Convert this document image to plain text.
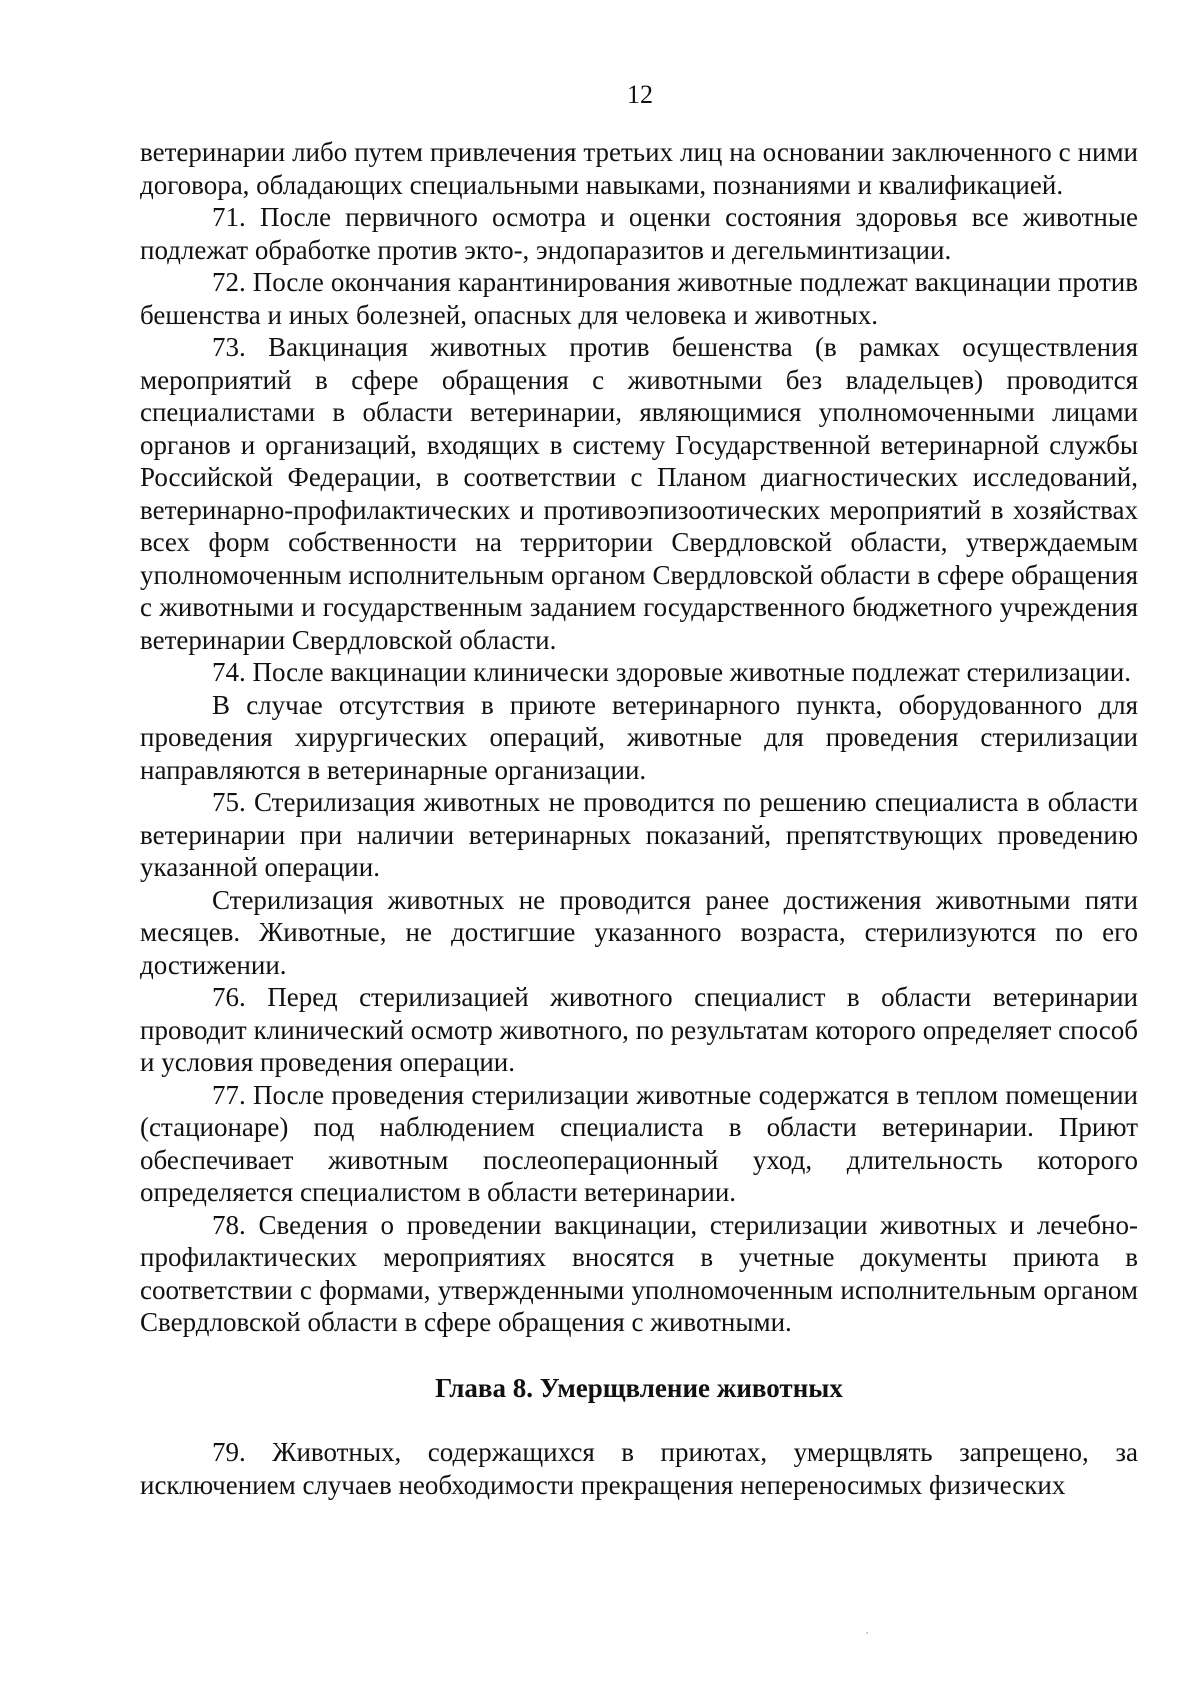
12

ветеринарии либо путем привлечения третьих лиц на основании заключенного с ними договора, обладающих специальными навыками, познаниями и квалификацией.

71. После первичного осмотра и оценки состояния здоровья все животные подлежат обработке против экто-, эндопаразитов и дегельминтизации.

72. После окончания карантинирования животные подлежат вакцинации против бешенства и иных болезней, опасных для человека и животных.

73. Вакцинация животных против бешенства (в рамках осуществления мероприятий в сфере обращения с животными без владельцев) проводится специалистами в области ветеринарии, являющимися уполномоченными лицами органов и организаций, входящих в систему Государственной ветеринарной службы Российской Федерации, в соответствии с Планом диагностических исследований, ветеринарно-профилактических и противоэпизоотических мероприятий в хозяйствах всех форм собственности на территории Свердловской области, утверждаемым уполномоченным исполнительным органом Свердловской области в сфере обращения с животными и государственным заданием государственного бюджетного учреждения ветеринарии Свердловской области.

74. После вакцинации клинически здоровые животные подлежат стерилизации.

В случае отсутствия в приюте ветеринарного пункта, оборудованного для проведения хирургических операций, животные для проведения стерилизации направляются в ветеринарные организации.

75. Стерилизация животных не проводится по решению специалиста в области ветеринарии при наличии ветеринарных показаний, препятствующих проведению указанной операции.

Стерилизация животных не проводится ранее достижения животными пяти месяцев. Животные, не достигшие указанного возраста, стерилизуются по его достижении.

76. Перед стерилизацией животного специалист в области ветеринарии проводит клинический осмотр животного, по результатам которого определяет способ и условия проведения операции.

77. После проведения стерилизации животные содержатся в теплом помещении (стационаре) под наблюдением специалиста в области ветеринарии. Приют обеспечивает животным послеоперационный уход, длительность которого определяется специалистом в области ветеринарии.

78. Сведения о проведении вакцинации, стерилизации животных и лечебно-профилактических мероприятиях вносятся в учетные документы приюта в соответствии с формами, утвержденными уполномоченным исполнительным органом Свердловской области в сфере обращения с животными.

Глава 8. Умерщвление животных

79. Животных, содержащихся в приютах, умерщвлять запрещено, за исключением случаев необходимости прекращения непереносимых физических
